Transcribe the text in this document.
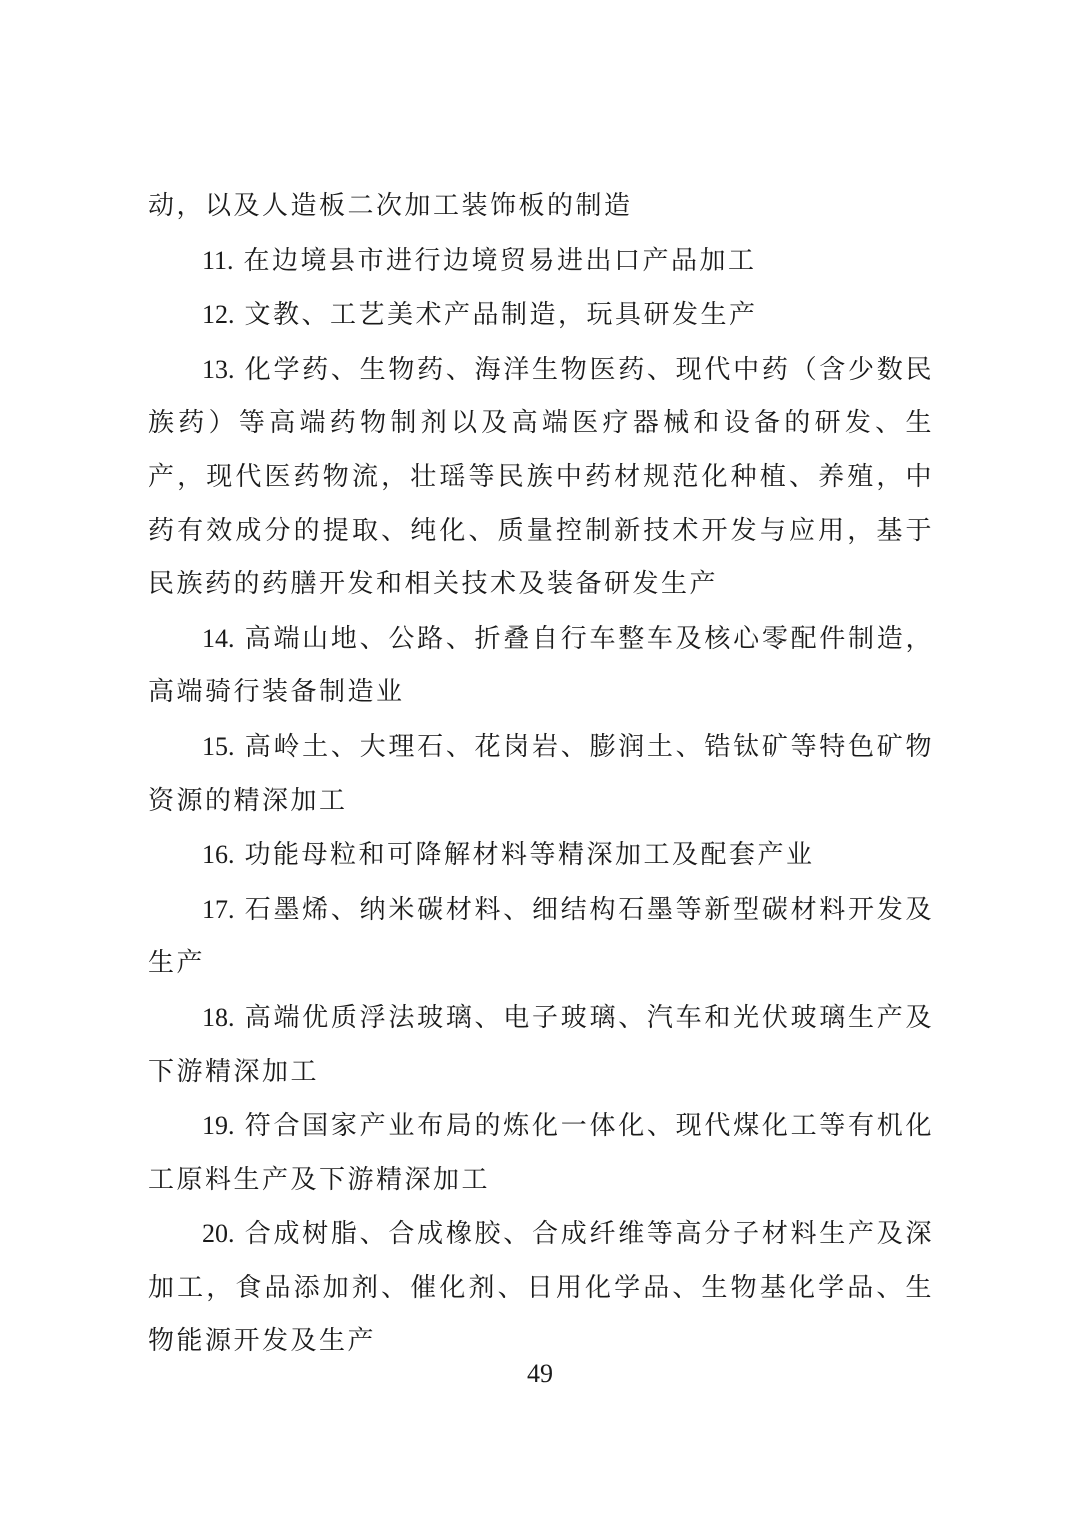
动，以及人造板二次加工装饰板的制造

11. 在边境县市进行边境贸易进出口产品加工

12. 文教、工艺美术产品制造，玩具研发生产

13. 化学药、生物药、海洋生物医药、现代中药（含少数民族药）等高端药物制剂以及高端医疗器械和设备的研发、生产，现代医药物流，壮瑶等民族中药材规范化种植、养殖，中药有效成分的提取、纯化、质量控制新技术开发与应用，基于民族药的药膳开发和相关技术及装备研发生产

14. 高端山地、公路、折叠自行车整车及核心零配件制造，高端骑行装备制造业

15. 高岭土、大理石、花岗岩、膨润土、锆钛矿等特色矿物资源的精深加工

16. 功能母粒和可降解材料等精深加工及配套产业

17. 石墨烯、纳米碳材料、细结构石墨等新型碳材料开发及生产

18. 高端优质浮法玻璃、电子玻璃、汽车和光伏玻璃生产及下游精深加工

19. 符合国家产业布局的炼化一体化、现代煤化工等有机化工原料生产及下游精深加工

20. 合成树脂、合成橡胶、合成纤维等高分子材料生产及深加工，食品添加剂、催化剂、日用化学品、生物基化学品、生物能源开发及生产

49
